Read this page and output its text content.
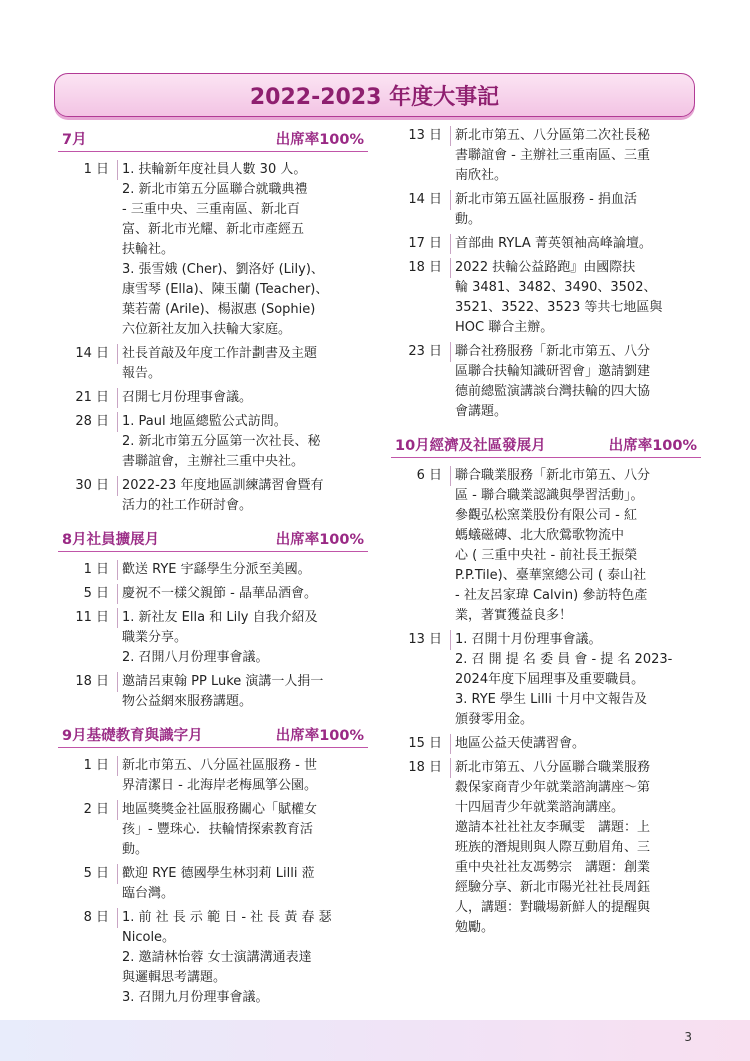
2022-2023 年度大事記
7月	出席率100%
1 日	1. 扶輪新年度社員人數 30 人。
2. 新北市第五分區聯合就職典禮
- 三重中央、三重南區、新北百
富、新北市光耀、新北市產經五
扶輪社。
3. 張雪娥 (Cher)、劉洛妤 (Lily)、
康雪琴 (Ella)、陳玉蘭 (Teacher)、
葉若薷 (Arile)、楊淑惠 (Sophie)
六位新社友加入扶輪大家庭。
14 日	社長首敲及年度工作計劃書及主題
報告。
21 日	召開七月份理事會議。
28 日	1. Paul 地區總監公式訪問。
2. 新北市第五分區第一次社長、秘
書聯誼會，主辦社三重中央社。
30 日	2022-23 年度地區訓練講習會暨有
活力的社工作研討會。
8月社員擴展月	出席率100%
1 日	歡送 RYE 宇繇學生分派至美國。
5 日	慶祝不一樣父親節 - 晶華品酒會。
11 日	1. 新社友 Ella 和 Lily 自我介紹及
職業分享。
2. 召開八月份理事會議。
18 日	邀請呂東翰 PP Luke 演講一人捐一
物公益網來服務講題。
9月基礎教育與識字月	出席率100%
1 日	新北市第五、八分區社區服務 - 世
界清潔日 - 北海岸老梅風箏公園。
2 日	地區獎獎金社區服務關心「賦權女
孩」- 豐珠心．扶輪情探索教育活
動。
5 日	歡迎 RYE 德國學生林羽莉 Lilli 蒞
臨台灣。
8 日	1. 前 社 長 示 範 日 - 社 長 黃 春 瑟
Nicole。
2. 邀請林怡蓉 女士演講溝通表達
與邏輯思考講題。
3. 召開九月份理事會議。
13 日	新北市第五、八分區第二次社長秘
書聯誼會 - 主辦社三重南區、三重
南欣社。
14 日	新北市第五區社區服務 - 捐血活
動。
17 日	首部曲 RYLA 菁英領袖高峰論壇。
18 日	2022 扶輪公益路跑』由國際扶
輪 3481、3482、3490、3502、
3521、3522、3523 等共七地區與
HOC 聯合主辦。
23 日	聯合社務服務「新北市第五、八分
區聯合扶輪知識研習會」邀請劉建
德前總監演講談台灣扶輪的四大協
會講題。
10月經濟及社區發展月	出席率100%
6 日	聯合職業服務「新北市第五、八分
區 - 聯合職業認識與學習活動」。
參觀弘松窯業股份有限公司 - 紅
螞蟻磁磚、北大欣鶯歌物流中
心 ( 三重中央社 - 前社長王振榮
P.P.Tile)、臺華窯總公司 ( 泰山社
- 社友呂家瑋 Calvin) 參訪特色產
業，著實獲益良多！
13 日	1. 召開十月份理事會議。
2. 召 開 提 名 委 員 會 - 提 名 2023-
2024年度下屆理事及重要職員。
3. RYE 學生 Lilli 十月中文報告及
頒發零用金。
15 日	地區公益天使講習會。
18 日	新北市第五、八分區聯合職業服務
縠保家商青少年就業諮詢講座～第
十四屆青少年就業諮詢講座。
邀請本社社社友李珮雯　講題：上
班族的潛規則與人際互動眉角、三
重中央社社友馮勢宗　講題：創業
經驗分享、新北市陽光社社長周鈺
人，講題：對職場新鮮人的提醒與
勉勵。
3
